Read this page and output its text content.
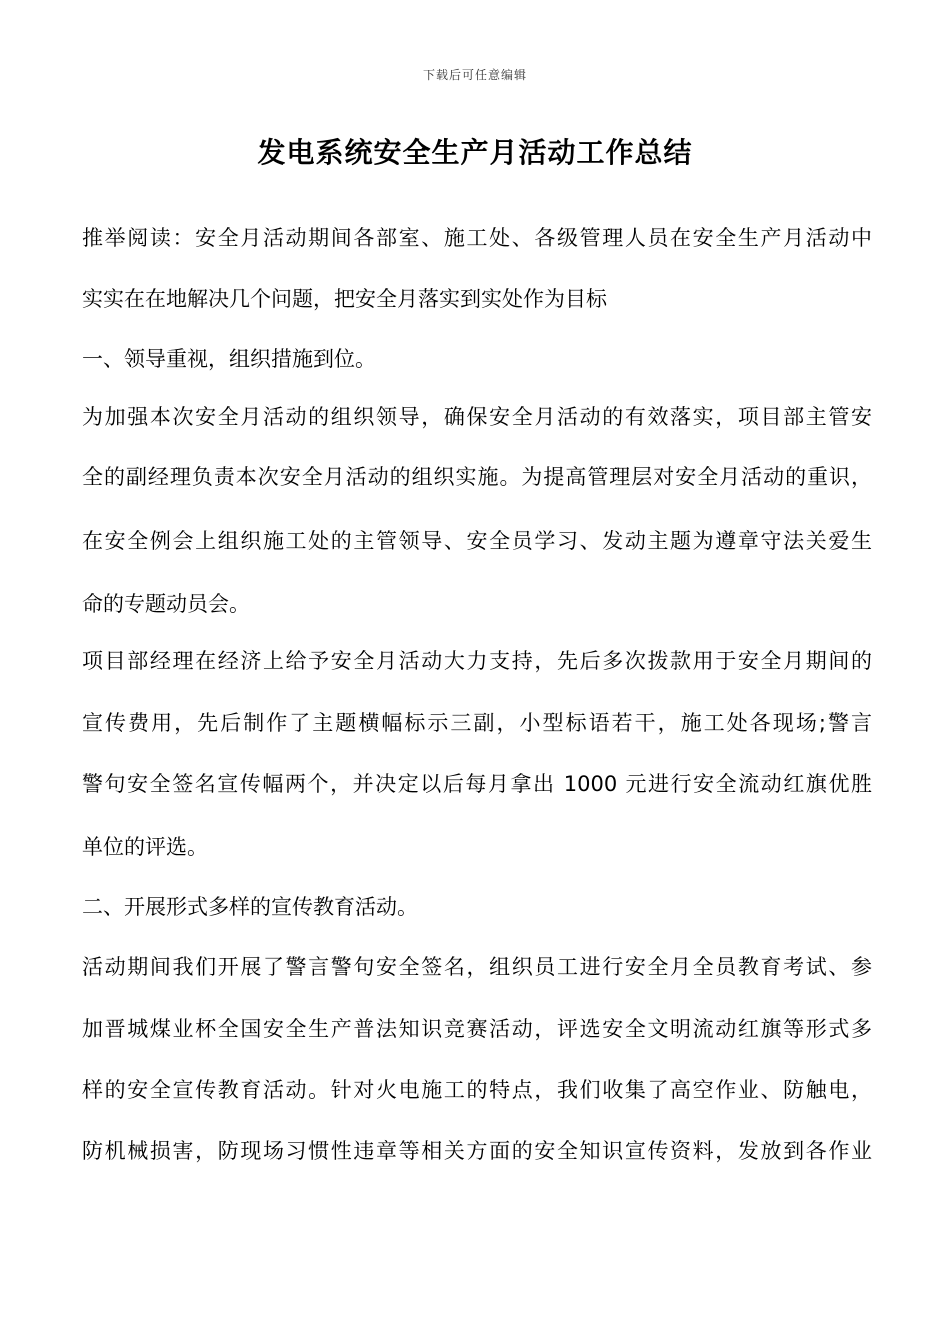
下载后可任意编辑
发电系统安全生产月活动工作总结

推举阅读：安全月活动期间各部室、施工处、各级管理人员在安全生产月活动中

实实在在地解决几个问题，把安全月落实到实处作为目标

一、领导重视，组织措施到位。

为加强本次安全月活动的组织领导，确保安全月活动的有效落实，项目部主管安

全的副经理负责本次安全月活动的组织实施。为提高管理层对安全月活动的重识，

在安全例会上组织施工处的主管领导、安全员学习、发动主题为遵章守法关爱生

命的专题动员会。

项目部经理在经济上给予安全月活动大力支持，先后多次拨款用于安全月期间的

宣传费用，先后制作了主题横幅标示三副，小型标语若干，施工处各现场;警言

警句安全签名宣传幅两个，并决定以后每月拿出 1000 元进行安全流动红旗优胜

单位的评选。

二、开展形式多样的宣传教育活动。

活动期间我们开展了警言警句安全签名，组织员工进行安全月全员教育考试、参

加晋城煤业杯全国安全生产普法知识竞赛活动，评选安全文明流动红旗等形式多

样的安全宣传教育活动。针对火电施工的特点，我们收集了高空作业、防触电，

防机械损害，防现场习惯性违章等相关方面的安全知识宣传资料，发放到各作业
